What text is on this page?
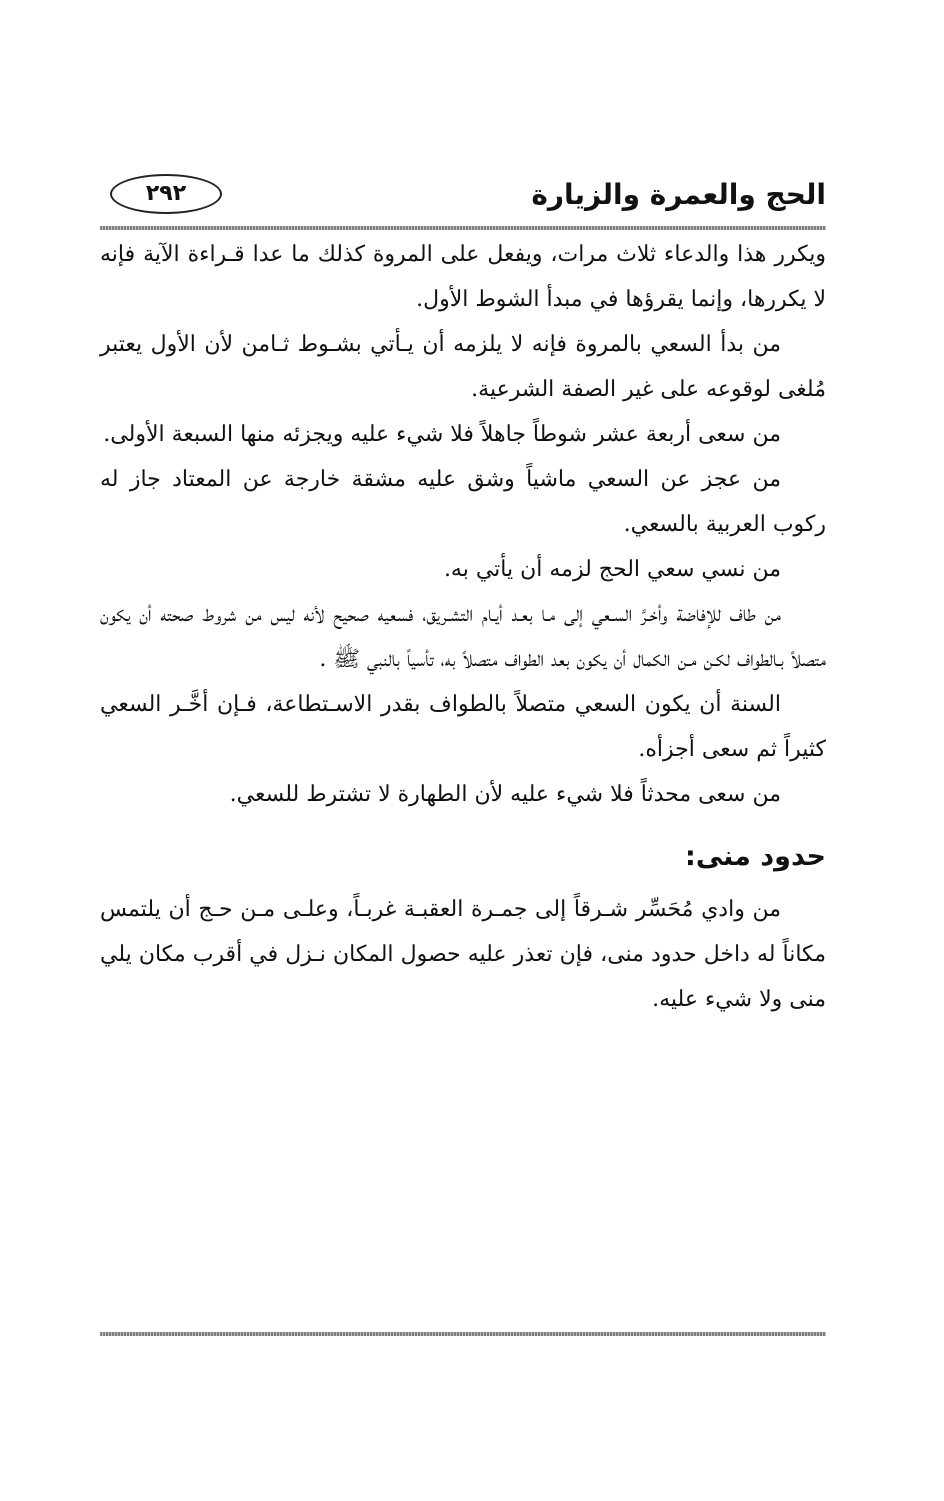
الحج والعمرة والزيارة
٢٩٢

ويكرر هذا والدعاء ثلاث مرات، ويفعل على المروة كذلك ما عدا قـراءة الآية فإنه لا يكررها، وإنما يقرؤها في مبدأ الشوط الأول.

من بدأ السعي بالمروة فإنه لا يلزمه أن يـأتي بشـوط ثـامن لأن الأول يعتبر مُلغى لوقوعه على غير الصفة الشرعية.

من سعى أربعة عشر شوطاً جاهلاً فلا شيء عليه ويجزئه منها السبعة الأولى.

من عجز عن السعي ماشياً وشق عليه مشقة خارجة عن المعتاد جاز له ركوب العربية بالسعي.

من نسي سعي الحج لزمه أن يأتي به.

من طاف للإفاضة وأخـرَّ السـعي إلى مـا بعـد أيـام التشـريق، فسعيه صحيح لأنه ليس من شروط صحته أن يكون متصلاً بـالطواف لكـن مـن الكمال أن يكون بعد الطواف متصلاً به، تأسياً بالنبي ﷺ .

السنة أن يكون السعي متصلاً بالطواف بقدر الاسـتطاعة، فـإن أخَّـر السعي كثيراً ثم سعى أجزأه.

من سعى محدثاً فلا شيء عليه لأن الطهارة لا تشترط للسعي.

حدود منى:

من وادي مُحَسِّر شـرقاً إلى جمـرة العقبـة غربـاً، وعلـى مـن حـج أن يلتمس مكاناً له داخل حدود منى، فإن تعذر عليه حصول المكان نـزل في أقرب مكان يلي منى ولا شيء عليه.
